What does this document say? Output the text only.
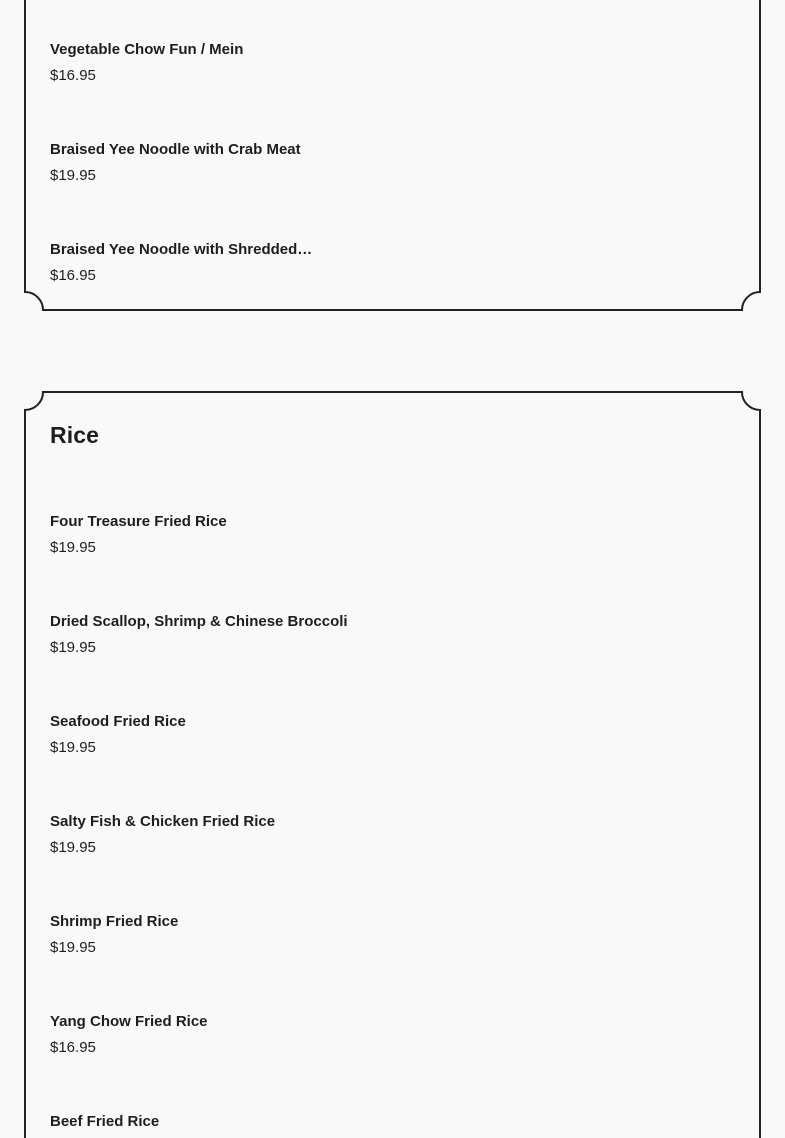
Vegetable Chow Fun / Mein
$16.95
Braised Yee Noodle with Crab Meat
$19.95
Braised Yee Noodle with Shredded…
$16.95
Rice
Four Treasure Fried Rice
$19.95
Dried Scallop, Shrimp & Chinese Broccoli
$19.95
Seafood Fried Rice
$19.95
Salty Fish & Chicken Fried Rice
$19.95
Shrimp Fried Rice
$19.95
Yang Chow Fried Rice
$16.95
Beef Fried Rice
